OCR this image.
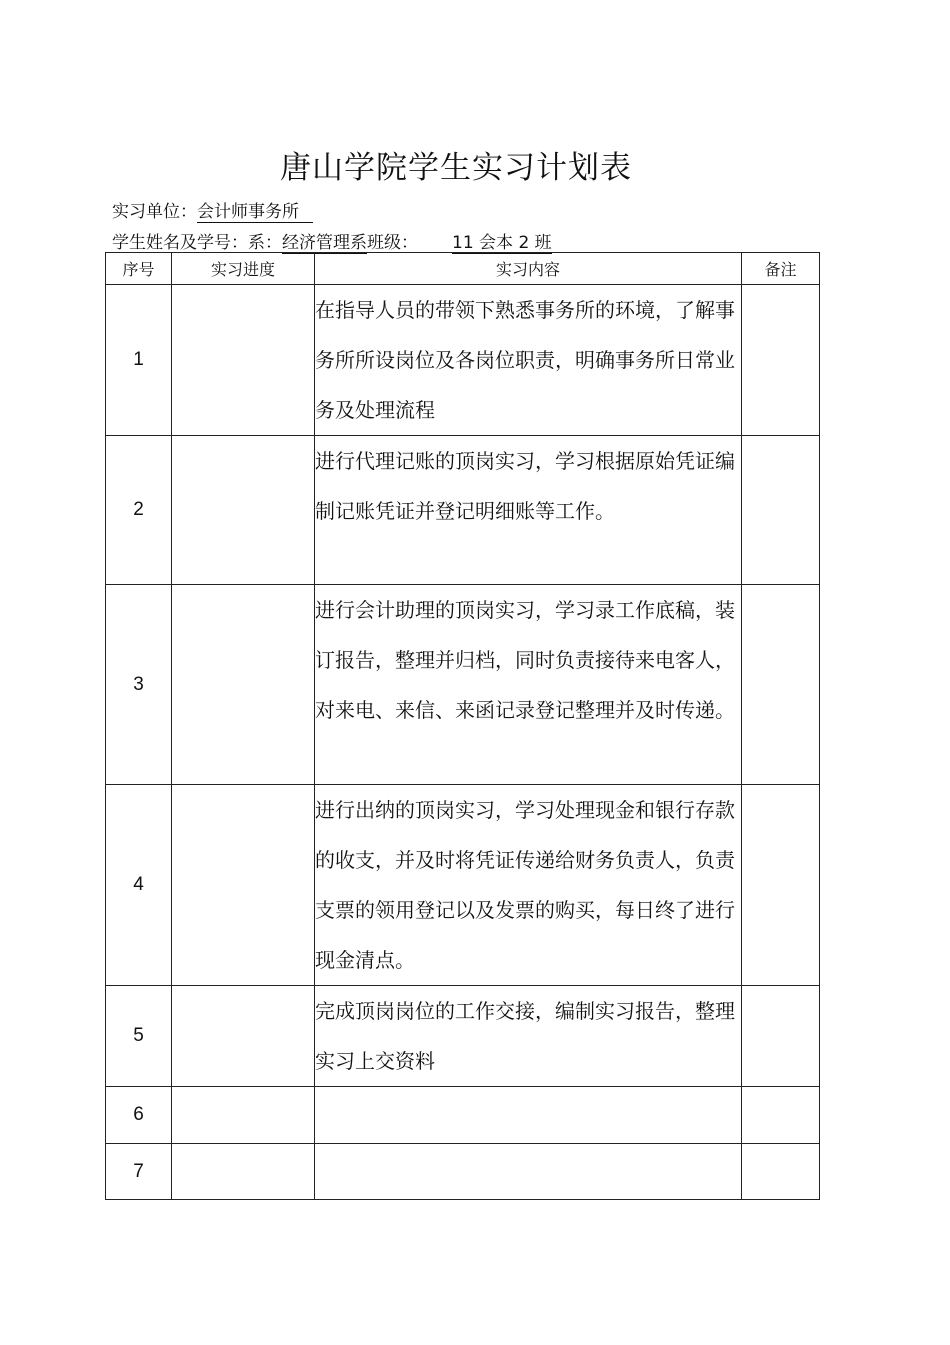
唐山学院学生实习计划表
实习单位：会计师事务所
学生姓名及学号：系：经济管理系班级： 11 会本 2 班
序号	实习进度	实习内容	备注
1		在指导人员的带领下熟悉事务所的环境，了解事务所所设岗位及各岗位职责，明确事务所日常业务及处理流程	
2		进行代理记账的顶岗实习，学习根据原始凭证编制记账凭证并登记明细账等工作。	
3		进行会计助理的顶岗实习，学习录工作底稿，装订报告，整理并归档，同时负责接待来电客人，对来电、来信、来函记录登记整理并及时传递。	
4		进行出纳的顶岗实习，学习处理现金和银行存款的收支，并及时将凭证传递给财务负责人，负责支票的领用登记以及发票的购买，每日终了进行现金清点。	
5		完成顶岗岗位的工作交接，编制实习报告，整理实习上交资料	
6			
7			
